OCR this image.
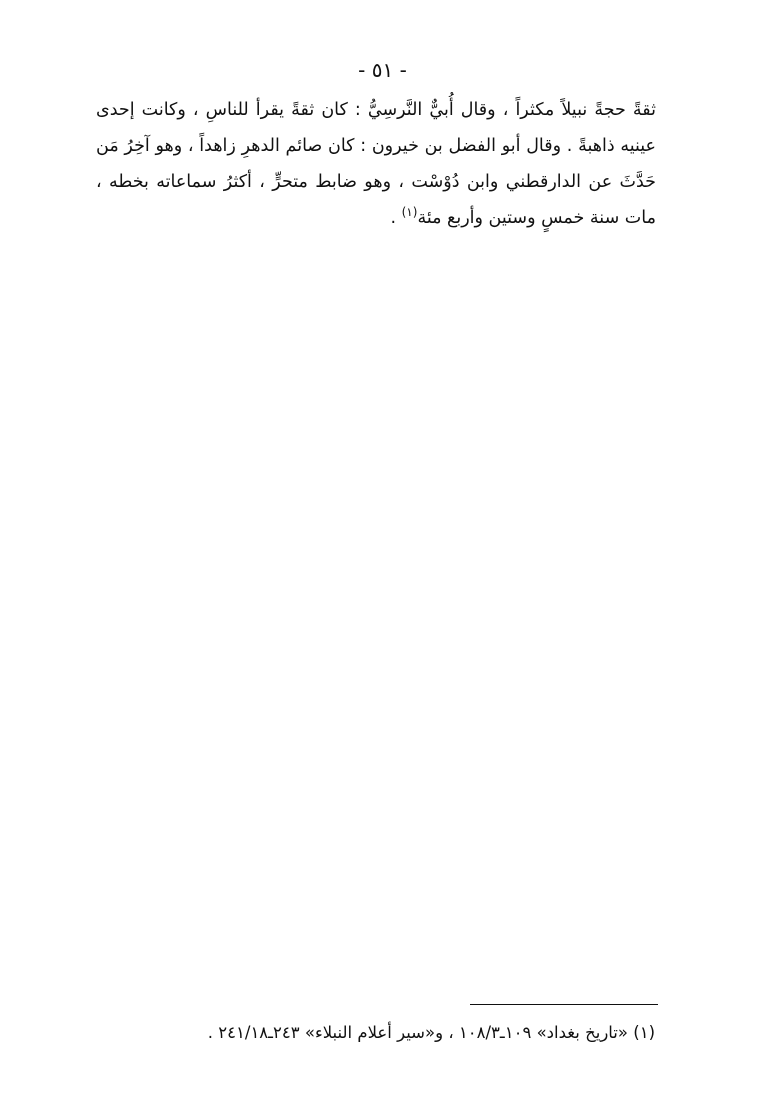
- ٥١ -
ثقةً حجةً نبيلاً مكثراً ، وقال أُبيٌّ النَّرسِيُّ : كان ثقةً يقرأ للناسِ ، وكانت إحدى
عينيه ذاهبةً . وقال أبو الفضل بن خيرون : كان صائم الدهرِ زاهداً ، وهو آخِرُ مَن
حَدَّثَ عن الدارقطني وابن دُوْسْت ، وهو ضابط متحرٍّ ، أكثرُ سماعاته بخطه ،
مات سنة خمسٍ وستين وأربع مئة$^{(١)}$ .
(١) «تاريخ بغداد» ١٠٩ـ١٠٨/٣ ، و«سير أعلام النبلاء» ٢٤٣ـ٢٤١/١٨ .
